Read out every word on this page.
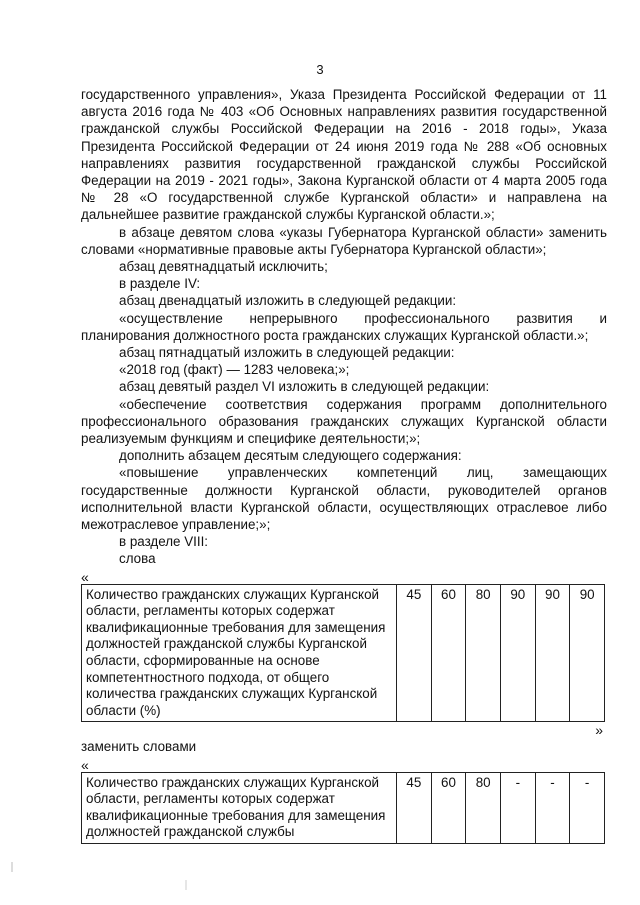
3

государственного управления», Указа Президента Российской Федерации от 11 августа 2016 года № 403 «Об Основных направлениях развития государственной гражданской службы Российской Федерации на 2016 - 2018 годы», Указа Президента Российской Федерации от 24 июня 2019 года № 288 «Об основных направлениях развития государственной гражданской службы Российской Федерации на 2019 - 2021 годы», Закона Курганской области от 4 марта 2005 года № 28 «О государственной службе Курганской области» и направлена на дальнейшее развитие гражданской службы Курганской области.»;

в абзаце девятом слова «указы Губернатора Курганской области» заменить словами «нормативные правовые акты Губернатора Курганской области»;

абзац девятнадцатый исключить;

в разделе IV:

абзац двенадцатый изложить в следующей редакции:

«осуществление непрерывного профессионального развития и планирования должностного роста гражданских служащих Курганской области.»;

абзац пятнадцатый изложить в следующей редакции:

«2018 год (факт) — 1283 человека;»;

абзац девятый раздел VI изложить в следующей редакции:

«обеспечение соответствия содержания программ дополнительного профессионального образования гражданских служащих Курганской области реализуемым функциям и специфике деятельности;»;

дополнить абзацем десятым следующего содержания:

«повышение управленческих компетенций лиц, замещающих государственные должности Курганской области, руководителей органов исполнительной власти Курганской области, осуществляющих отраслевое либо межотраслевое управление;»;

в разделе VIII:

слова

«
Количество гражданских служащих Курганской области, регламенты которых содержат квалификационные требования для замещения должностей гражданской службы Курганской области, сформированные на основе компетентностного подхода, от общего количества гражданских служащих Курганской области (%)	45	60	80	90	90	90
»

заменить словами

«
Количество гражданских служащих Курганской области, регламенты которых содержат квалификационные требования для замещения должностей гражданской службы	45	60	80	-	-	-
